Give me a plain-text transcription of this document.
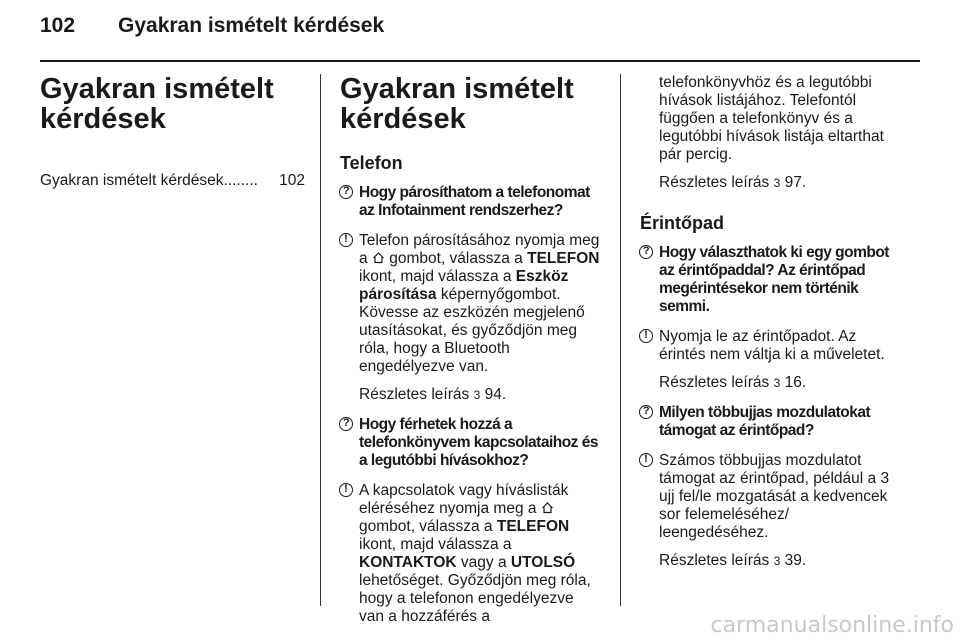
102 Gyakran ismételt kérdések
Gyakran ismételt kérdések
Gyakran ismételt kérdések ........	102
Gyakran ismételt kérdések
Telefon
? Hogy párosíthatom a telefonomat az Infotainment rendszerhez?
! Telefon párosításához nyomja meg a  gombot, válassza a TELEFON ikont, majd válassza a Eszköz párosítása képernyőgombot. Kövesse az eszközén megjelenő utasításokat, és győződjön meg róla, hogy a Bluetooth engedélyezve van.
Részletes leírás 3 94.
? Hogy férhetek hozzá a telefonkönyvem kapcsolataihoz és a legutóbbi hívásokhoz?
! A kapcsolatok vagy híváslisták eléréséhez nyomja meg a  gombot, válassza a TELEFON ikont, majd válassza a KONTAKTOK vagy a UTOLSÓ lehetőséget. Győződjön meg róla, hogy a telefonon engedélyezve van a hozzáférés a
telefonkönyvhöz és a legutóbbi hívások listájához. Telefontól függően a telefonkönyv és a legutóbbi hívások listája eltarthat pár percig.
Részletes leírás 3 97.
Érintőpad
? Hogy választhatok ki egy gombot az érintőpaddal? Az érintőpad megérintésekor nem történik semmi.
! Nyomja le az érintőpadot. Az érintés nem váltja ki a műveletet.
Részletes leírás 3 16.
? Milyen többujjas mozdulatokat támogat az érintőpad?
! Számos többujjas mozdulatot támogat az érintőpad, például a 3 ujj fel/le mozgatását a kedvencek sor felemeléséhez/ leengedéséhez.
Részletes leírás 3 39.
carmanualsonline.info
